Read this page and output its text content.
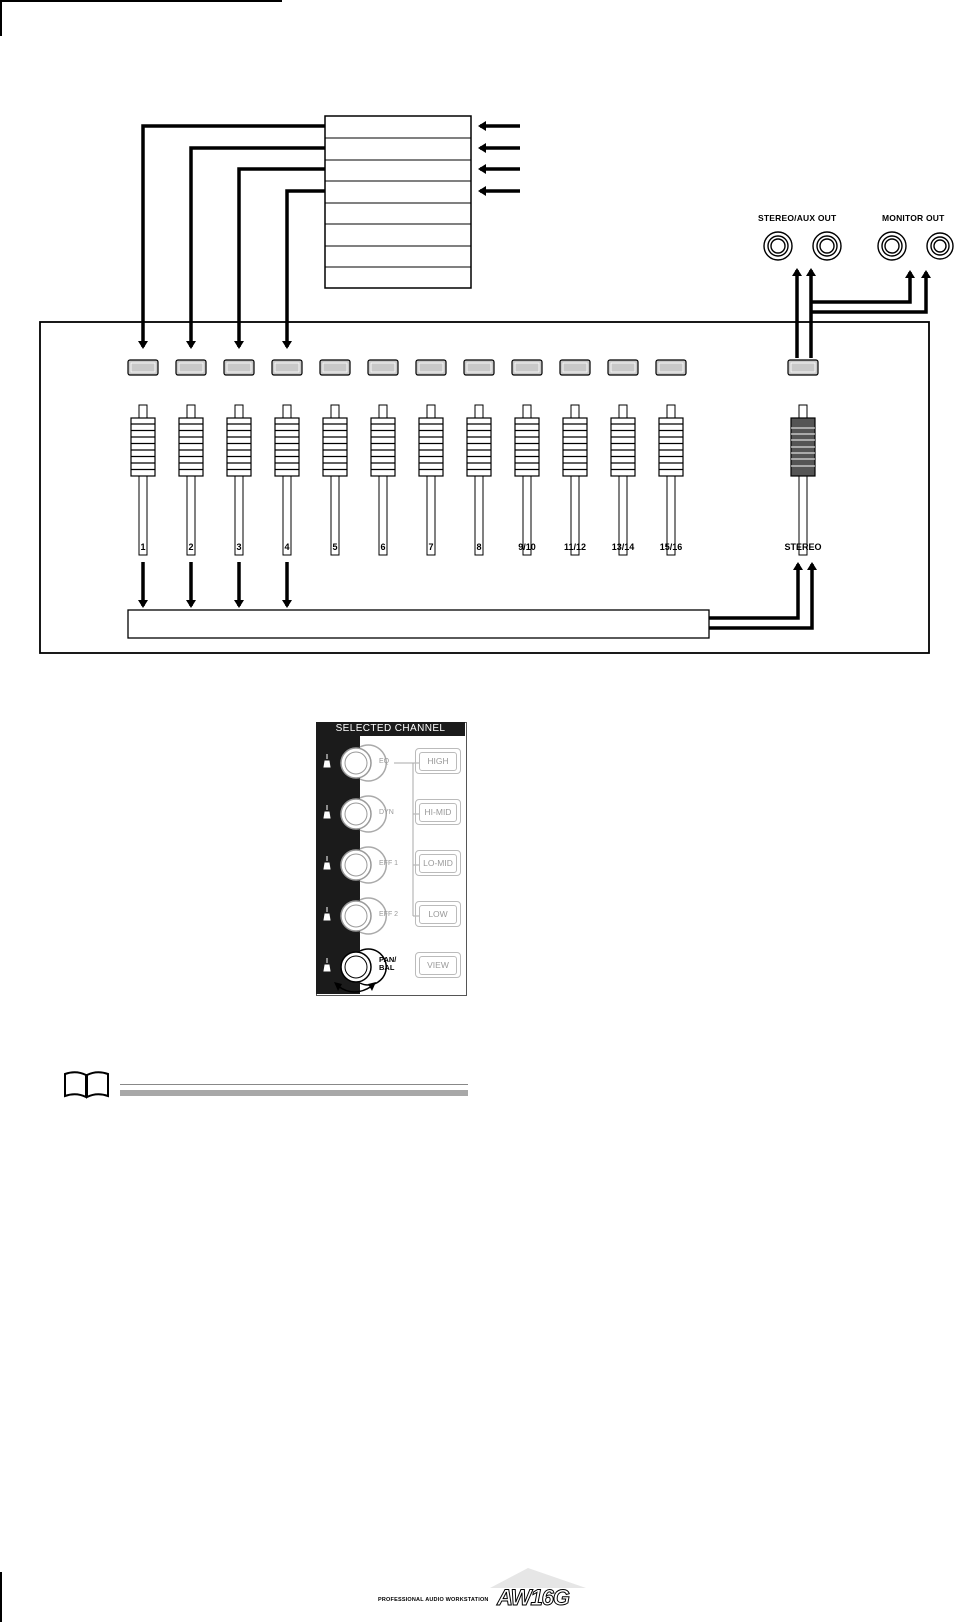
1	2	3	4	5	6	7	8	9/10	11/12	13/14	15/16	STEREO
STEREO/AUX OUT	MONITOR OUT
SELECTED CHANNEL
EQ
DYN
EFF 1
EFF 2
PAN/
BAL
HIGH
HI-MID
LO-MID
LOW
VIEW
PROFESSIONAL AUDIO WORKSTATION AW16G
